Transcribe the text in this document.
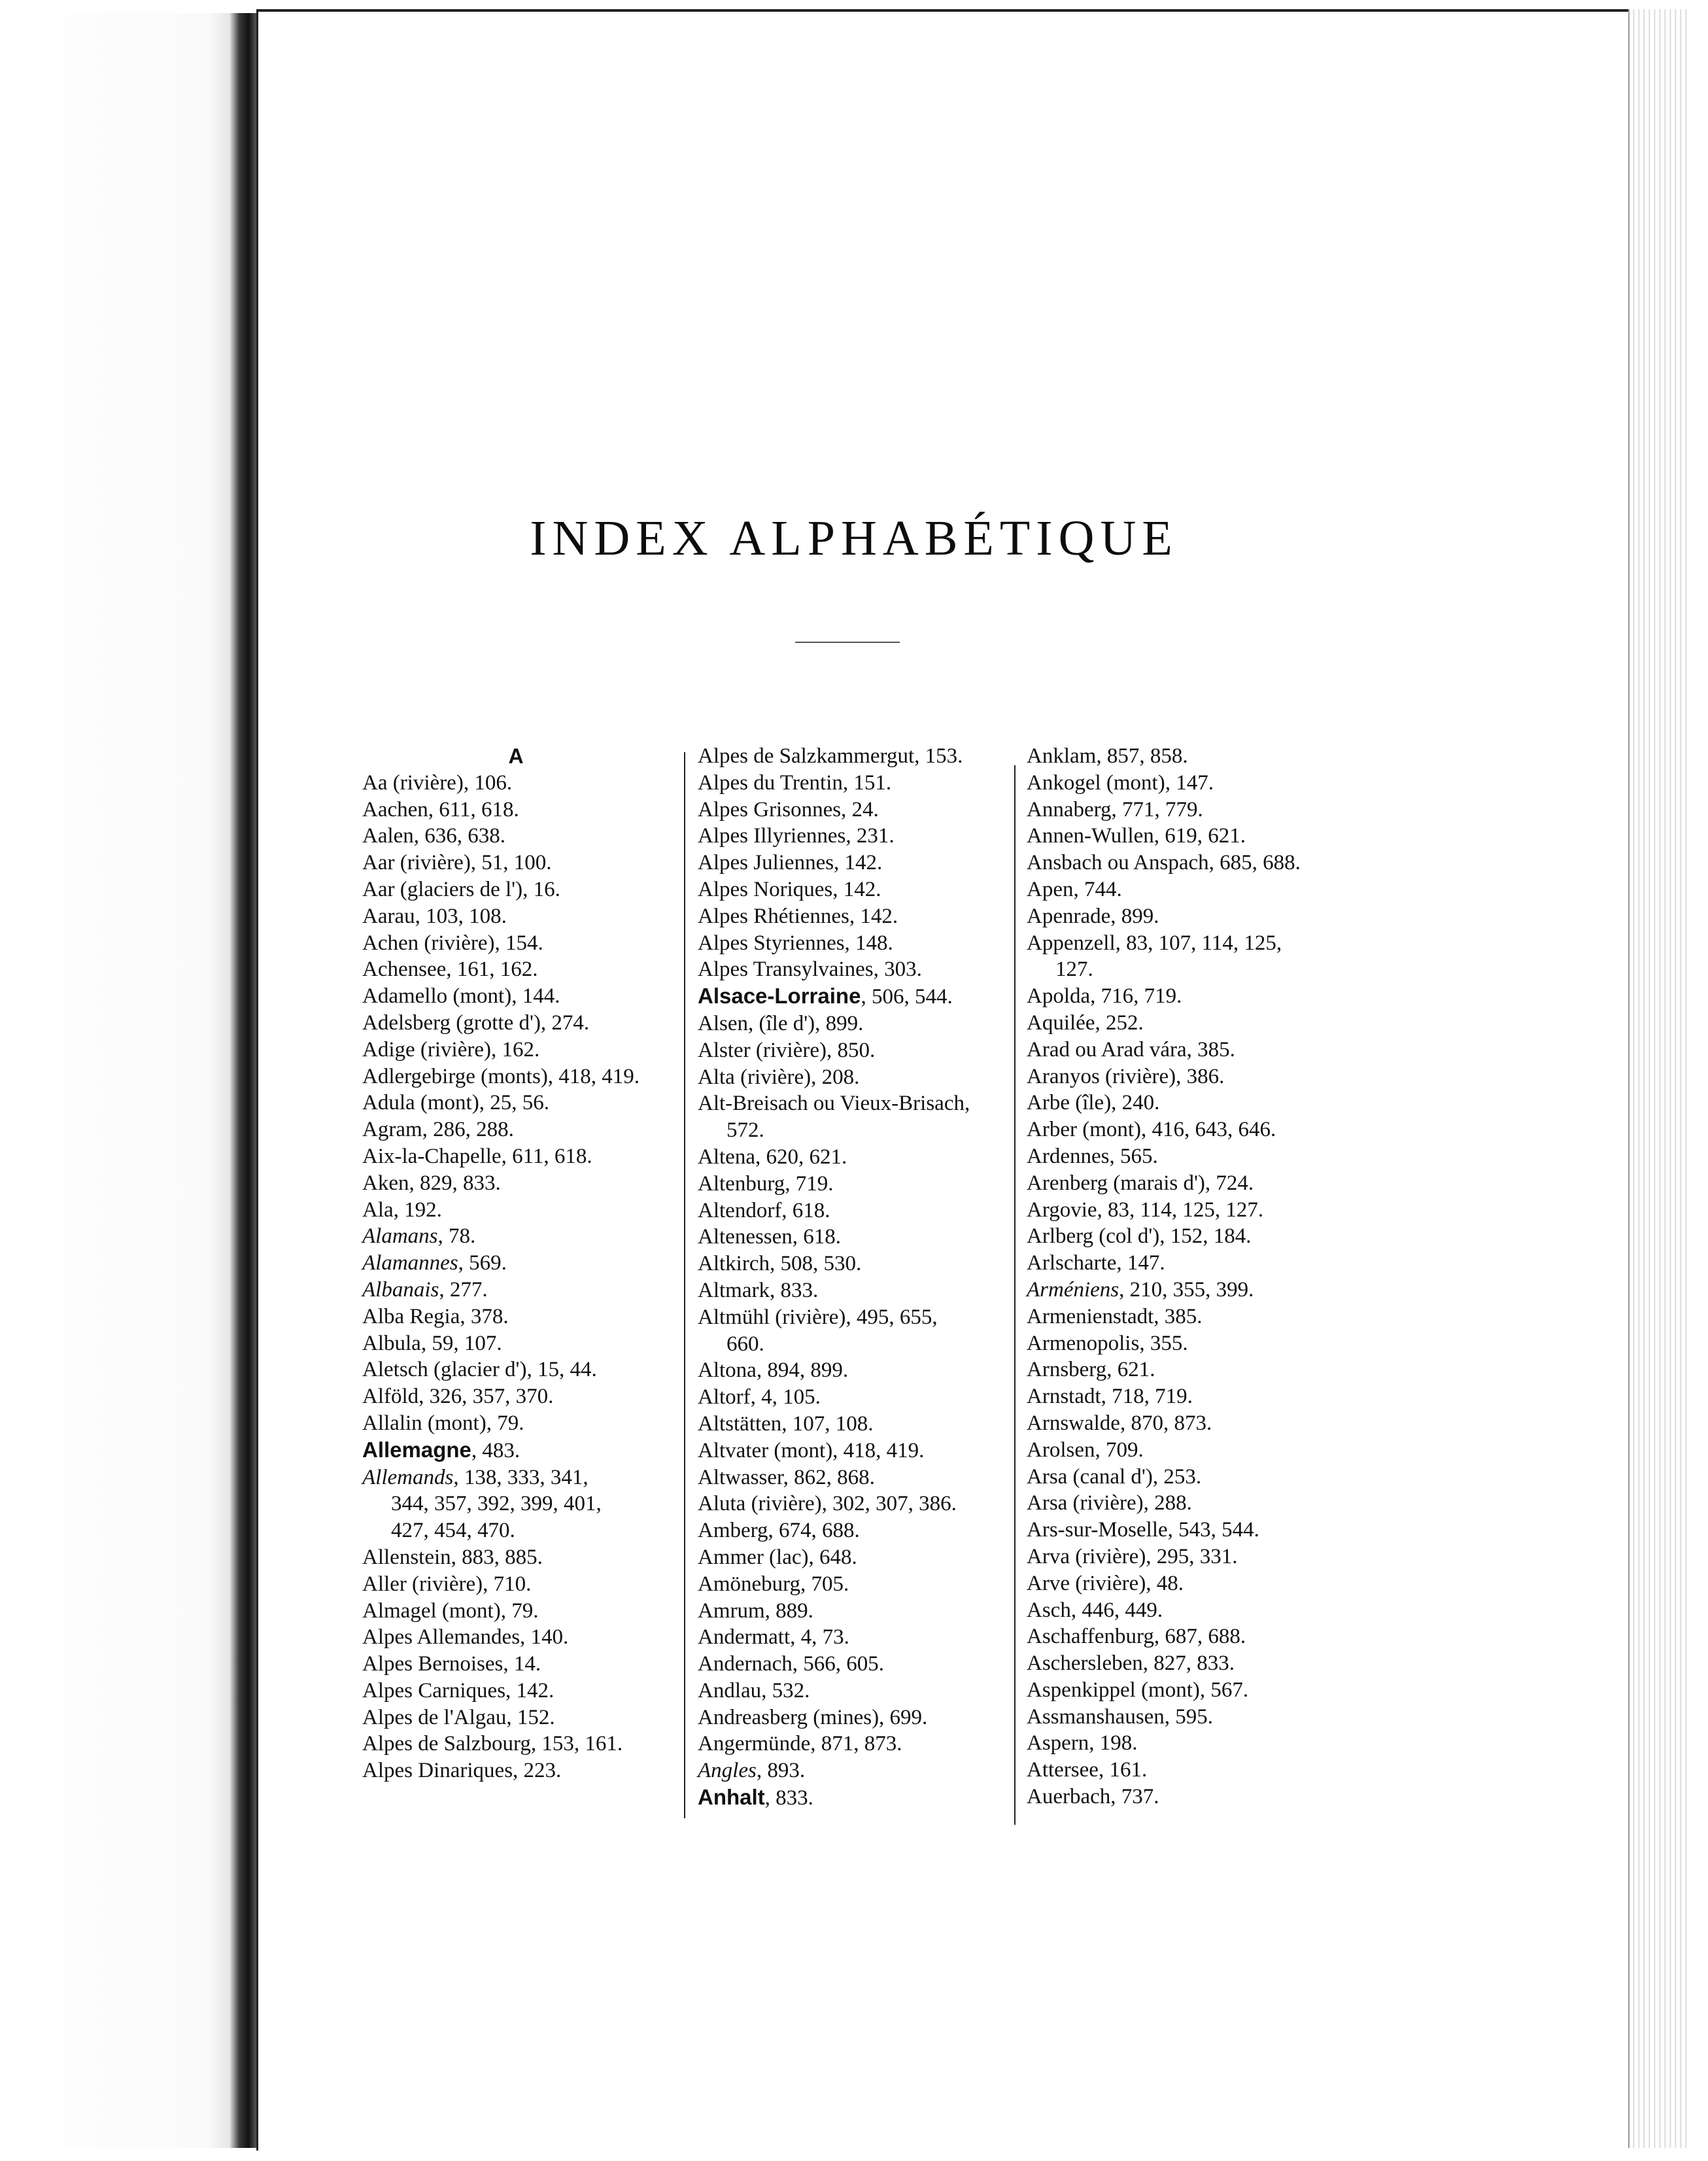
INDEX ALPHABÉTIQUE
A
Aa (rivière), 106.
Aachen, 611, 618.
Aalen, 636, 638.
Aar (rivière), 51, 100.
Aar (glaciers de l'), 16.
Aarau, 103, 108.
Achen (rivière), 154.
Achensee, 161, 162.
Adamello (mont), 144.
Adelsberg (grotte d'), 274.
Adige (rivière), 162.
Adlergebirge (monts), 418, 419.
Adula (mont), 25, 56.
Agram, 286, 288.
Aix-la-Chapelle, 611, 618.
Aken, 829, 833.
Ala, 192.
Alamans, 78.
Alamannes, 569.
Albanais, 277.
Alba Regia, 378.
Albula, 59, 107.
Aletsch (glacier d'), 15, 44.
Alföld, 326, 357, 370.
Allalin (mont), 79.
Allemagne, 483.
Allemands, 138, 333, 341,
344, 357, 392, 399, 401,
427, 454, 470.
Allenstein, 883, 885.
Aller (rivière), 710.
Almagel (mont), 79.
Alpes Allemandes, 140.
Alpes Bernoises, 14.
Alpes Carniques, 142.
Alpes de l'Algau, 152.
Alpes de Salzbourg, 153, 161.
Alpes Dinariques, 223.
Alpes de Salzkammergut, 153.
Alpes du Trentin, 151.
Alpes Grisonnes, 24.
Alpes Illyriennes, 231.
Alpes Juliennes, 142.
Alpes Noriques, 142.
Alpes Rhétiennes, 142.
Alpes Styriennes, 148.
Alpes Transylvaines, 303.
Alsace-Lorraine, 506, 544.
Alsen, (île d'), 899.
Alster (rivière), 850.
Alta (rivière), 208.
Alt-Breisach ou Vieux-Brisach,
572.
Altena, 620, 621.
Altenburg, 719.
Altendorf, 618.
Altenessen, 618.
Altkirch, 508, 530.
Altmark, 833.
Altmühl (rivière), 495, 655,
660.
Altona, 894, 899.
Altorf, 4, 105.
Altstätten, 107, 108.
Altvater (mont), 418, 419.
Altwasser, 862, 868.
Aluta (rivière), 302, 307, 386.
Amberg, 674, 688.
Ammer (lac), 648.
Amöneburg, 705.
Amrum, 889.
Andermatt, 4, 73.
Andernach, 566, 605.
Andlau, 532.
Andreasberg (mines), 699.
Angermünde, 871, 873.
Angles, 893.
Anhalt, 833.
Anklam, 857, 858.
Ankogel (mont), 147.
Annaberg, 771, 779.
Annen-Wullen, 619, 621.
Ansbach ou Anspach, 685, 688.
Apen, 744.
Apenrade, 899.
Appenzell, 83, 107, 114, 125,
127.
Apolda, 716, 719.
Aquilée, 252.
Arad ou Arad vára, 385.
Aranyos (rivière), 386.
Arbe (île), 240.
Arber (mont), 416, 643, 646.
Ardennes, 565.
Arenberg (marais d'), 724.
Argovie, 83, 114, 125, 127.
Arlberg (col d'), 152, 184.
Arlscharte, 147.
Arméniens, 210, 355, 399.
Armenienstadt, 385.
Armenopolis, 355.
Arnsberg, 621.
Arnstadt, 718, 719.
Arnswalde, 870, 873.
Arolsen, 709.
Arsa (canal d'), 253.
Arsa (rivière), 288.
Ars-sur-Moselle, 543, 544.
Arva (rivière), 295, 331.
Arve (rivière), 48.
Asch, 446, 449.
Aschaffenburg, 687, 688.
Aschersleben, 827, 833.
Aspenkippel (mont), 567.
Assmanshausen, 595.
Aspern, 198.
Attersee, 161.
Auerbach, 737.
